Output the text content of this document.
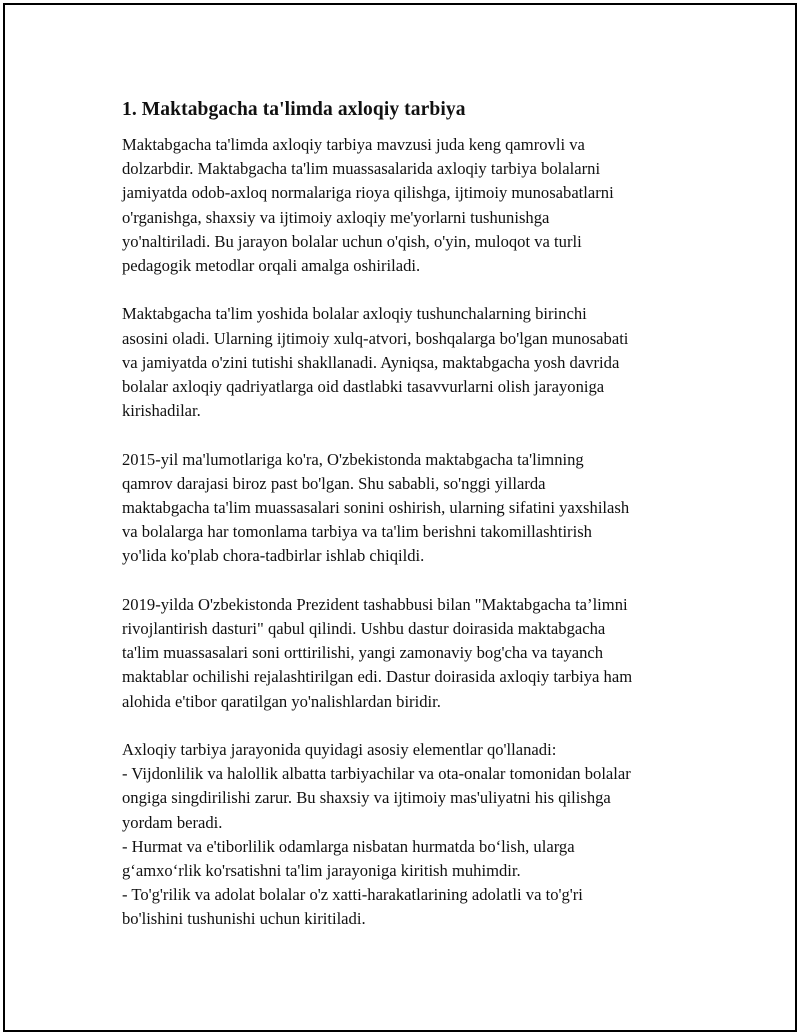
1. Maktabgacha ta'limda axloqiy tarbiya

Maktabgacha ta'limda axloqiy tarbiya mavzusi juda keng qamrovli va
dolzarbdir. Maktabgacha ta'lim muassasalarida axloqiy tarbiya bolalarni
jamiyatda odob-axloq normalariga rioya qilishga, ijtimoiy munosabatlarni
o'rganishga, shaxsiy va ijtimoiy axloqiy me'yorlarni tushunishga
yo'naltiriladi. Bu jarayon bolalar uchun o'qish, o'yin, muloqot va turli
pedagogik metodlar orqali amalga oshiriladi.

Maktabgacha ta'lim yoshida bolalar axloqiy tushunchalarning birinchi
asosini oladi. Ularning ijtimoiy xulq-atvori, boshqalarga bo'lgan munosabati
va jamiyatda o'zini tutishi shakllanadi. Ayniqsa, maktabgacha yosh davrida
bolalar axloqiy qadriyatlarga oid dastlabki tasavvurlarni olish jarayoniga
kirishadilar.

2015-yil ma'lumotlariga ko'ra, O'zbekistonda maktabgacha ta'limning
qamrov darajasi biroz past bo'lgan. Shu sababli, so'nggi yillarda
maktabgacha ta'lim muassasalari sonini oshirish, ularning sifatini yaxshilash
va bolalarga har tomonlama tarbiya va ta'lim berishni takomillashtirish
yo'lida ko'plab chora-tadbirlar ishlab chiqildi.

2019-yilda O'zbekistonda Prezident tashabbusi bilan "Maktabgacha ta’limni
rivojlantirish dasturi" qabul qilindi. Ushbu dastur doirasida maktabgacha
ta'lim muassasalari soni orttirilishi, yangi zamonaviy bog'cha va tayanch
maktablar ochilishi rejalashtirilgan edi. Dastur doirasida axloqiy tarbiya ham
alohida e'tibor qaratilgan yo'nalishlardan biridir.

Axloqiy tarbiya jarayonida quyidagi asosiy elementlar qo'llanadi:
- Vijdonlilik va halollik albatta tarbiyachilar va ota-onalar tomonidan bolalar
ongiga singdirilishi zarur. Bu shaxsiy va ijtimoiy mas'uliyatni his qilishga
yordam beradi.
- Hurmat va e'tiborlilik odamlarga nisbatan hurmatda bo‘lish, ularga
g‘amxo‘rlik ko'rsatishni ta'lim jarayoniga kiritish muhimdir.
- To'g'rilik va adolat bolalar o'z xatti-harakatlarining adolatli va to'g'ri
bo'lishini tushunishi uchun kiritiladi.
